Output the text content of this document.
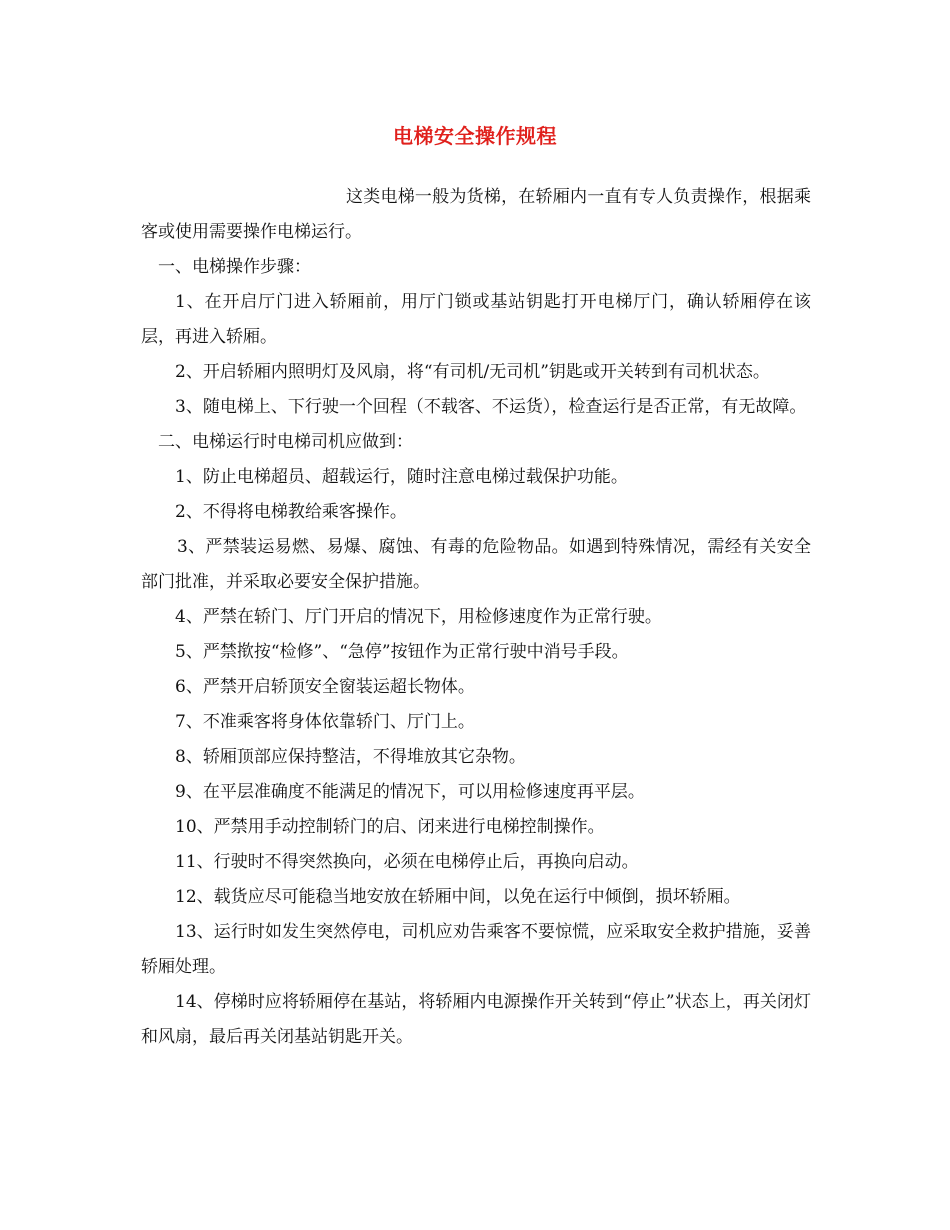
电梯安全操作规程

这类电梯一般为货梯，在轿厢内一直有专人负责操作，根据乘客或使用需要操作电梯运行。

一、电梯操作步骤：

1、在开启厅门进入轿厢前，用厅门锁或基站钥匙打开电梯厅门，确认轿厢停在该层，再进入轿厢。

2、开启轿厢内照明灯及风扇，将“有司机/无司机”钥匙或开关转到有司机状态。

3、随电梯上、下行驶一个回程（不载客、不运货），检查运行是否正常，有无故障。

二、电梯运行时电梯司机应做到：

1、防止电梯超员、超载运行，随时注意电梯过载保护功能。

2、不得将电梯教给乘客操作。

3、严禁装运易燃、易爆、腐蚀、有毒的危险物品。如遇到特殊情况，需经有关安全部门批准，并采取必要安全保护措施。

4、严禁在轿门、厅门开启的情况下，用检修速度作为正常行驶。

5、严禁揿按“检修”、“急停”按钮作为正常行驶中消号手段。

6、严禁开启轿顶安全窗装运超长物体。

7、不准乘客将身体依靠轿门、厅门上。

8、轿厢顶部应保持整洁，不得堆放其它杂物。

9、在平层准确度不能满足的情况下，可以用检修速度再平层。

10、严禁用手动控制轿门的启、闭来进行电梯控制操作。

11、行驶时不得突然换向，必须在电梯停止后，再换向启动。

12、载货应尽可能稳当地安放在轿厢中间，以免在运行中倾倒，损坏轿厢。

13、运行时如发生突然停电，司机应劝告乘客不要惊慌，应采取安全救护措施，妥善轿厢处理。

14、停梯时应将轿厢停在基站，将轿厢内电源操作开关转到“停止”状态上，再关闭灯和风扇，最后再关闭基站钥匙开关。
